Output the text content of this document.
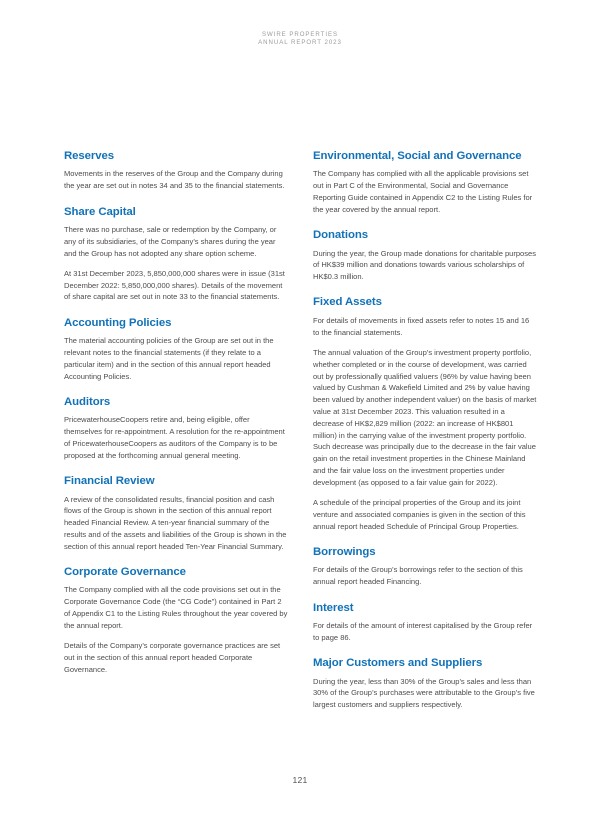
SWIRE PROPERTIES
ANNUAL REPORT 2023
Reserves

Movements in the reserves of the Group and the Company during the year are set out in notes 34 and 35 to the financial statements.

Share Capital

There was no purchase, sale or redemption by the Company, or any of its subsidiaries, of the Company’s shares during the year and the Group has not adopted any share option scheme.

At 31st December 2023, 5,850,000,000 shares were in issue (31st December 2022: 5,850,000,000 shares). Details of the movement of share capital are set out in note 33 to the financial statements.

Accounting Policies

The material accounting policies of the Group are set out in the relevant notes to the financial statements (if they relate to a particular item) and in the section of this annual report headed Accounting Policies.

Auditors

PricewaterhouseCoopers retire and, being eligible, offer themselves for re-appointment. A resolution for the re-appointment of PricewaterhouseCoopers as auditors of the Company is to be proposed at the forthcoming annual general meeting.

Financial Review

A review of the consolidated results, financial position and cash flows of the Group is shown in the section of this annual report headed Financial Review. A ten-year financial summary of the results and of the assets and liabilities of the Group is shown in the section of this annual report headed Ten-Year Financial Summary.

Corporate Governance

The Company complied with all the code provisions set out in the Corporate Governance Code (the “CG Code”) contained in Part 2 of Appendix C1 to the Listing Rules throughout the year covered by the annual report.

Details of the Company’s corporate governance practices are set out in the section of this annual report headed Corporate Governance.

Environmental, Social and Governance

The Company has complied with all the applicable provisions set out in Part C of the Environmental, Social and Governance Reporting Guide contained in Appendix C2 to the Listing Rules for the year covered by the annual report.

Donations

During the year, the Group made donations for charitable purposes of HK$39 million and donations towards various scholarships of HK$0.3 million.

Fixed Assets

For details of movements in fixed assets refer to notes 15 and 16 to the financial statements.

The annual valuation of the Group’s investment property portfolio, whether completed or in the course of development, was carried out by professionally qualified valuers (96% by value having been valued by Cushman & Wakefield Limited and 2% by value having been valued by another independent valuer) on the basis of market value at 31st December 2023. This valuation resulted in a decrease of HK$2,829 million (2022: an increase of HK$801 million) in the carrying value of the investment property portfolio. Such decrease was principally due to the decrease in the fair value gain on the retail investment properties in the Chinese Mainland and the fair value loss on the investment properties under development (as opposed to a fair value gain for 2022).

A schedule of the principal properties of the Group and its joint venture and associated companies is given in the section of this annual report headed Schedule of Principal Group Properties.

Borrowings

For details of the Group’s borrowings refer to the section of this annual report headed Financing.

Interest

For details of the amount of interest capitalised by the Group refer to page 86.

Major Customers and Suppliers

During the year, less than 30% of the Group’s sales and less than 30% of the Group’s purchases were attributable to the Group’s five largest customers and suppliers respectively.

121
